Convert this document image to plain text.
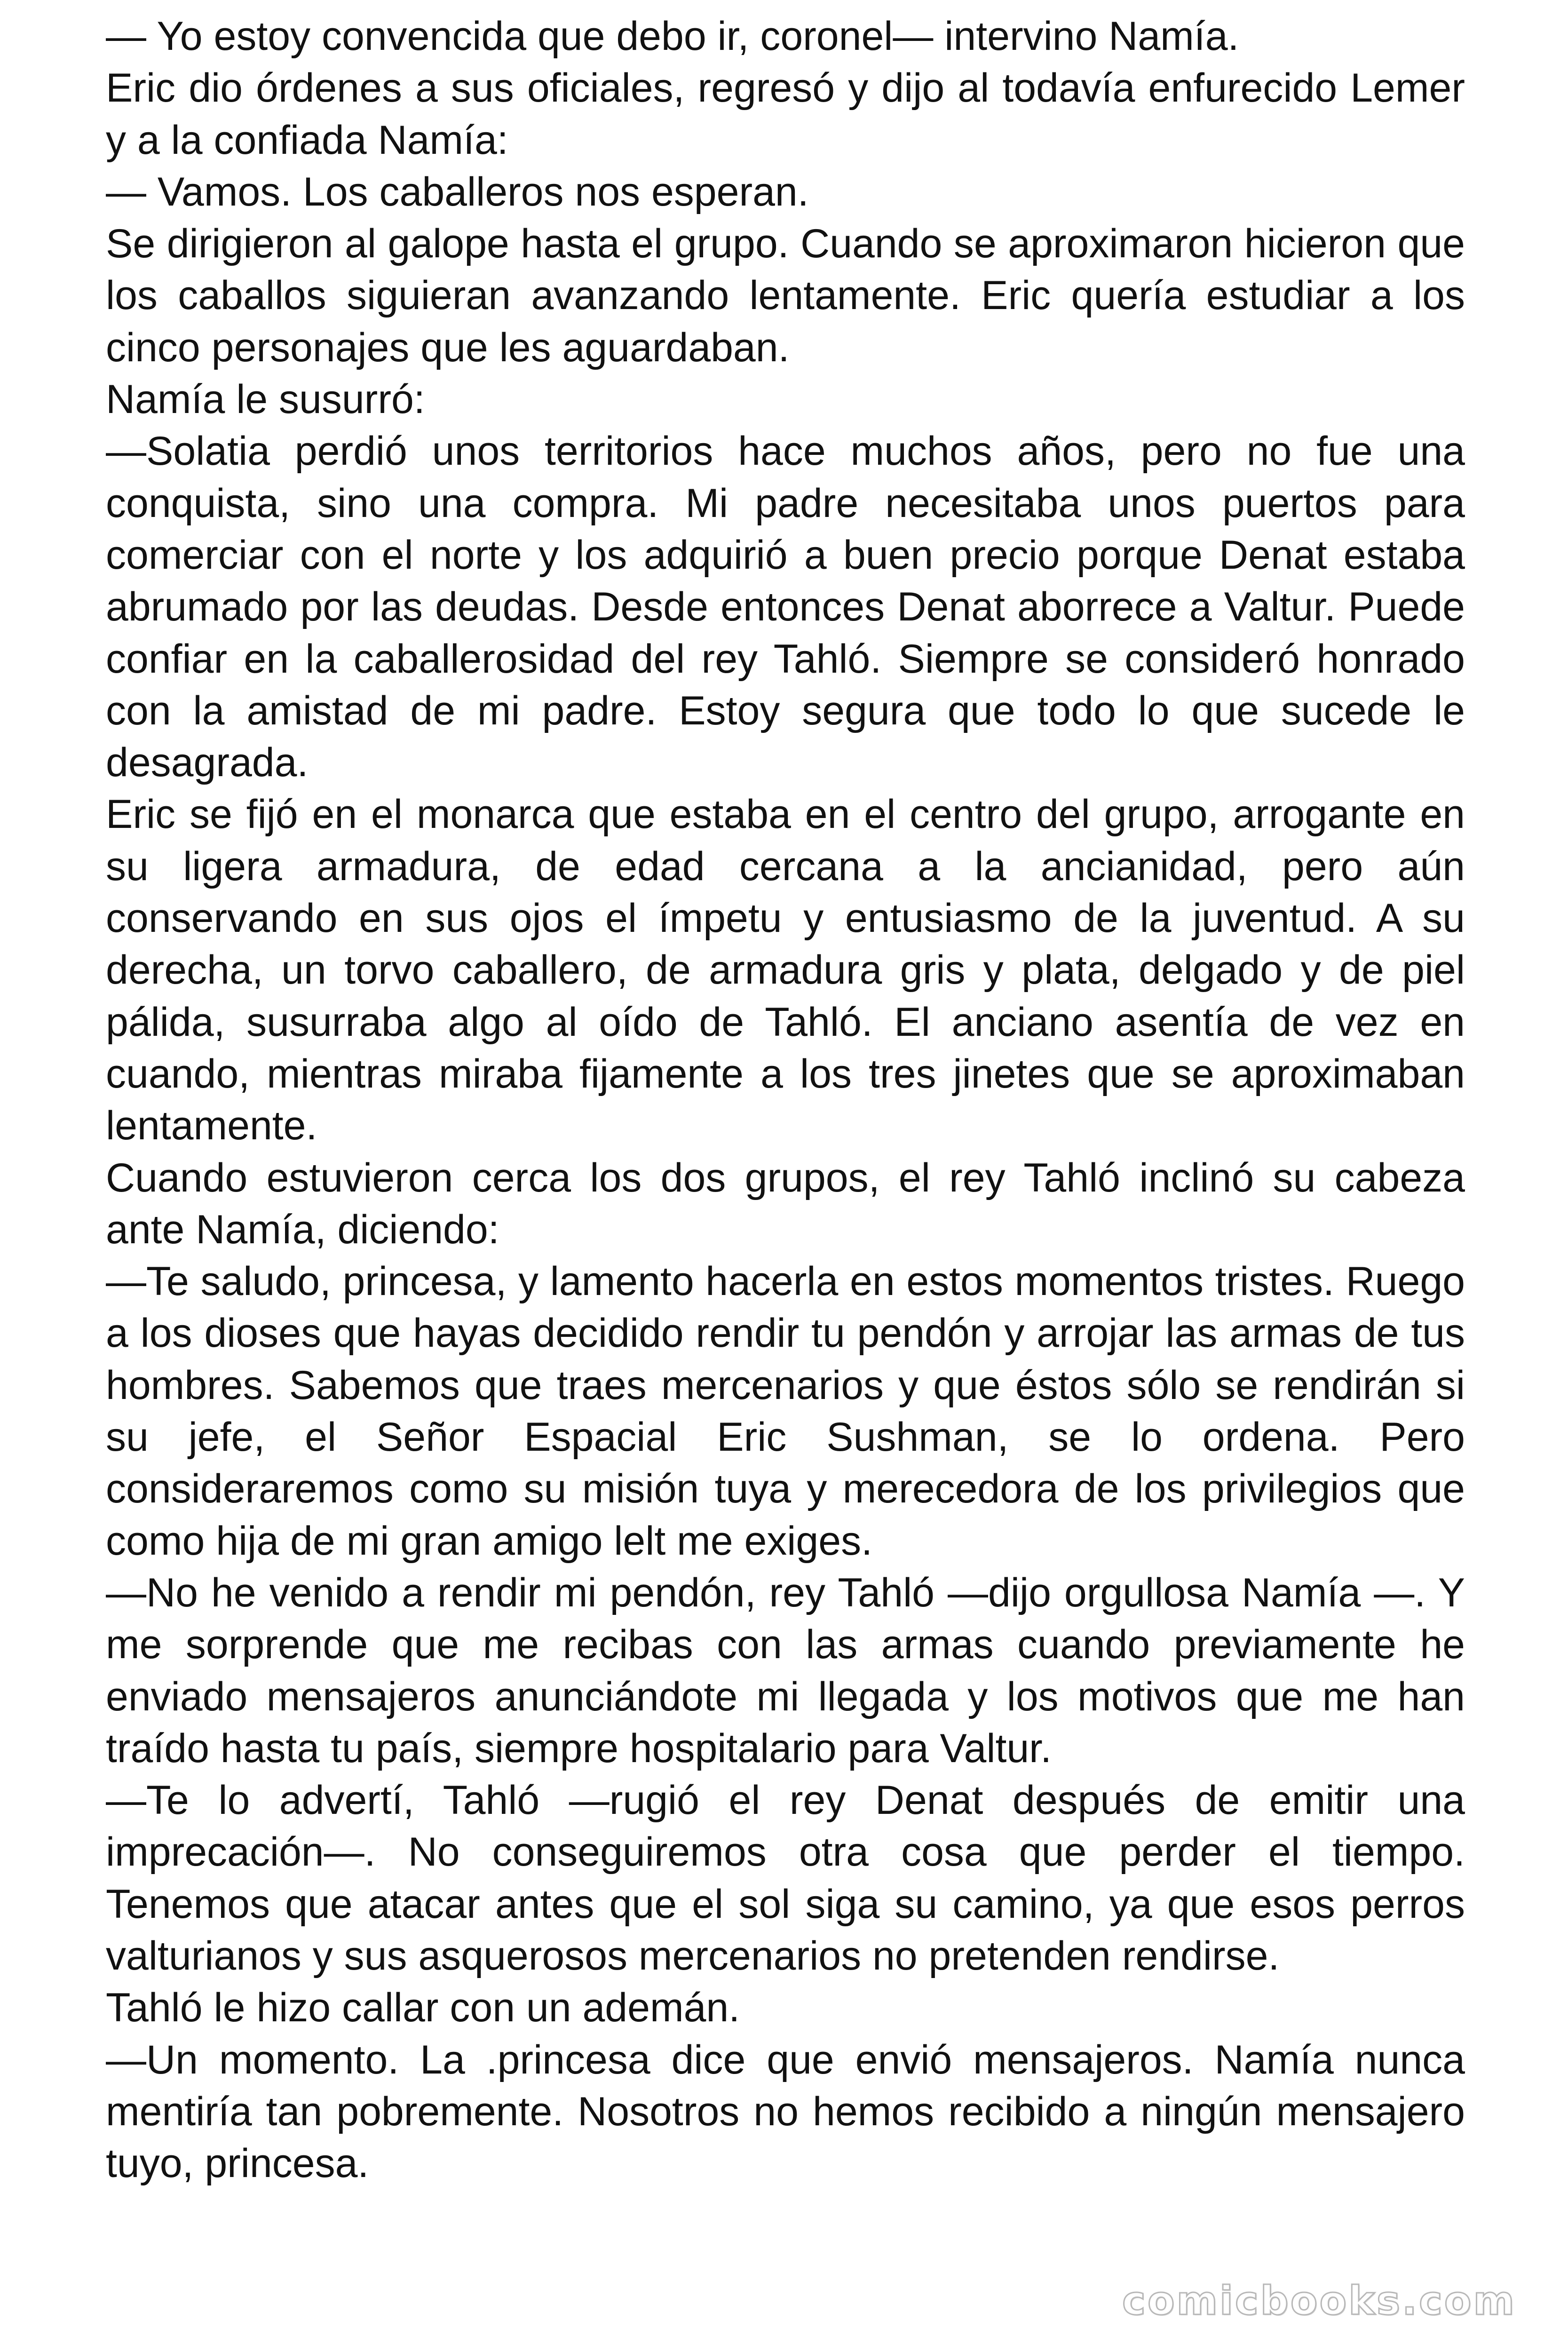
— Yo estoy convencida que debo ir, coronel— intervino Namía.

Eric dio órdenes a sus oficiales, regresó y dijo al todavía enfurecido Lemer y a la confiada Namía:

— Vamos. Los caballeros nos esperan.

Se dirigieron al galope hasta el grupo. Cuando se aproximaron hicieron que los caballos siguieran avanzando lentamente. Eric quería estudiar a los cinco personajes que les aguardaban.

Namía le susurró:

—Solatia perdió unos territorios hace muchos años, pero no fue una conquista, sino una compra. Mi padre necesitaba unos puertos para comerciar con el norte y los adquirió a buen precio porque Denat estaba abrumado por las deudas. Desde entonces Denat aborrece a Valtur. Puede confiar en la caballerosidad del rey Tahló. Siempre se consideró honrado con la amistad de mi padre. Estoy segura que todo lo que sucede le desagrada.

Eric se fijó en el monarca que estaba en el centro del grupo, arrogante en su ligera armadura, de edad cercana a la ancianidad, pero aún conservando en sus ojos el ímpetu y entusiasmo de la juventud. A su derecha, un torvo caballero, de armadura gris y plata, delgado y de piel pálida, susurraba algo al oído de Tahló. El anciano asentía de vez en cuando, mientras miraba fijamente a los tres jinetes que se aproximaban lentamente.

Cuando estuvieron cerca los dos grupos, el rey Tahló inclinó su cabeza ante Namía, diciendo:

—Te saludo, princesa, y lamento hacerla en estos momentos tristes. Ruego a los dioses que hayas decidido rendir tu pendón y arrojar las armas de tus hombres. Sabemos que traes mercenarios y que éstos sólo se rendirán si su jefe, el Señor Espacial Eric Sushman, se lo ordena. Pero consideraremos como su misión tuya y merecedora de los privilegios que como hija de mi gran amigo lelt me exiges.

—No he venido a rendir mi pendón, rey Tahló —dijo orgullosa Namía —. Y me sorprende que me recibas con las armas cuando previamente he enviado mensajeros anunciándote mi llegada y los motivos que me han traído hasta tu país, siempre hospitalario para Valtur.

—Te lo advertí, Tahló —rugió el rey Denat después de emitir una imprecación—. No conseguiremos otra cosa que perder el tiempo. Tenemos que atacar antes que el sol siga su camino, ya que esos perros valturianos y sus asquerosos mercenarios no pretenden rendirse.

Tahló le hizo callar con un ademán.

—Un momento. La .princesa dice que envió mensajeros. Namía nunca mentiría tan pobremente. Nosotros no hemos recibido a ningún mensajero tuyo, princesa.

comicbooks.com
